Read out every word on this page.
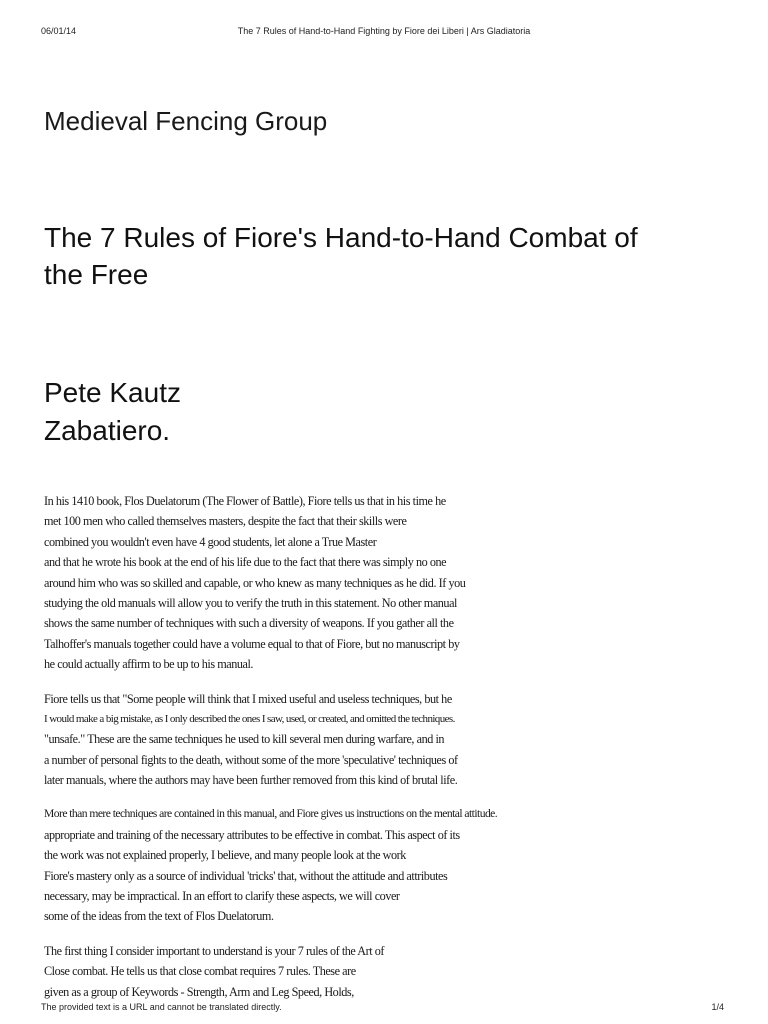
06/01/14	The 7 Rules of Hand-to-Hand Fighting by Fiore dei Liberi | Ars Gladiatoria
Medieval Fencing Group
The 7 Rules of Fiore's Hand-to-Hand Combat of the Free
Pete Kautz
Zabatiero.

In his 1410 book, Flos Duelatorum (The Flower of Battle), Fiore tells us that in his time he
met 100 men who called themselves masters, despite the fact that their skills were
combined you wouldn't even have 4 good students, let alone a True Master
and that he wrote his book at the end of his life due to the fact that there was simply no one
around him who was so skilled and capable, or who knew as many techniques as he did. If you
studying the old manuals will allow you to verify the truth in this statement. No other manual
shows the same number of techniques with such a diversity of weapons. If you gather all the
Talhoffer's manuals together could have a volume equal to that of Fiore, but no manuscript by
he could actually affirm to be up to his manual.

Fiore tells us that "Some people will think that I mixed useful and useless techniques, but he
I would make a big mistake, as I only described the ones I saw, used, or created, and omitted the techniques.
"unsafe." These are the same techniques he used to kill several men during warfare, and in
a number of personal fights to the death, without some of the more 'speculative' techniques of
later manuals, where the authors may have been further removed from this kind of brutal life.

More than mere techniques are contained in this manual, and Fiore gives us instructions on the mental attitude.
appropriate and training of the necessary attributes to be effective in combat. This aspect of its
the work was not explained properly, I believe, and many people look at the work
Fiore's mastery only as a source of individual 'tricks' that, without the attitude and attributes
necessary, may be impractical. In an effort to clarify these aspects, we will cover
some of the ideas from the text of Flos Duelatorum.

The first thing I consider important to understand is your 7 rules of the Art of
Close combat. He tells us that close combat requires 7 rules. These are
given as a group of Keywords - Strength, Arm and Leg Speed, Holds,

The provided text is a URL and cannot be translated directly.	1/4
